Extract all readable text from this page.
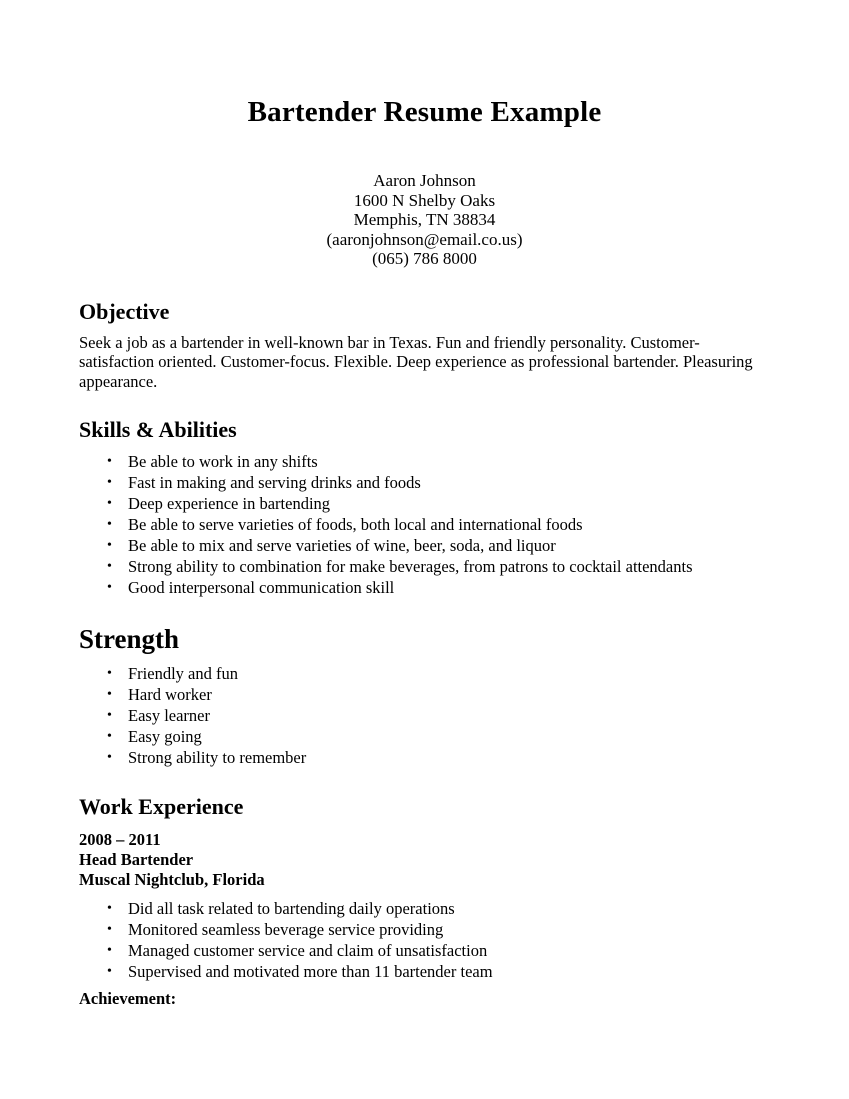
Bartender Resume Example
Aaron Johnson
1600 N Shelby Oaks
Memphis, TN 38834
(aaronjohnson@email.co.us)
(065) 786 8000
Objective
Seek a job as a bartender in well-known bar in Texas. Fun and friendly personality. Customer-satisfaction oriented. Customer-focus. Flexible. Deep experience as professional bartender. Pleasuring appearance.
Skills & Abilities
• Be able to work in any shifts
• Fast in making and serving drinks and foods
• Deep experience in bartending
• Be able to serve varieties of foods, both local and international foods
• Be able to mix and serve varieties of wine, beer, soda, and liquor
• Strong ability to combination for make beverages, from patrons to cocktail attendants
• Good interpersonal communication skill
Strength
• Friendly and fun
• Hard worker
• Easy learner
• Easy going
• Strong ability to remember
Work Experience
2008 – 2011
Head Bartender
Muscal Nightclub, Florida
• Did all task related to bartending daily operations
• Monitored seamless beverage service providing
• Managed customer service and claim of unsatisfaction
• Supervised and motivated more than 11 bartender team
Achievement:
